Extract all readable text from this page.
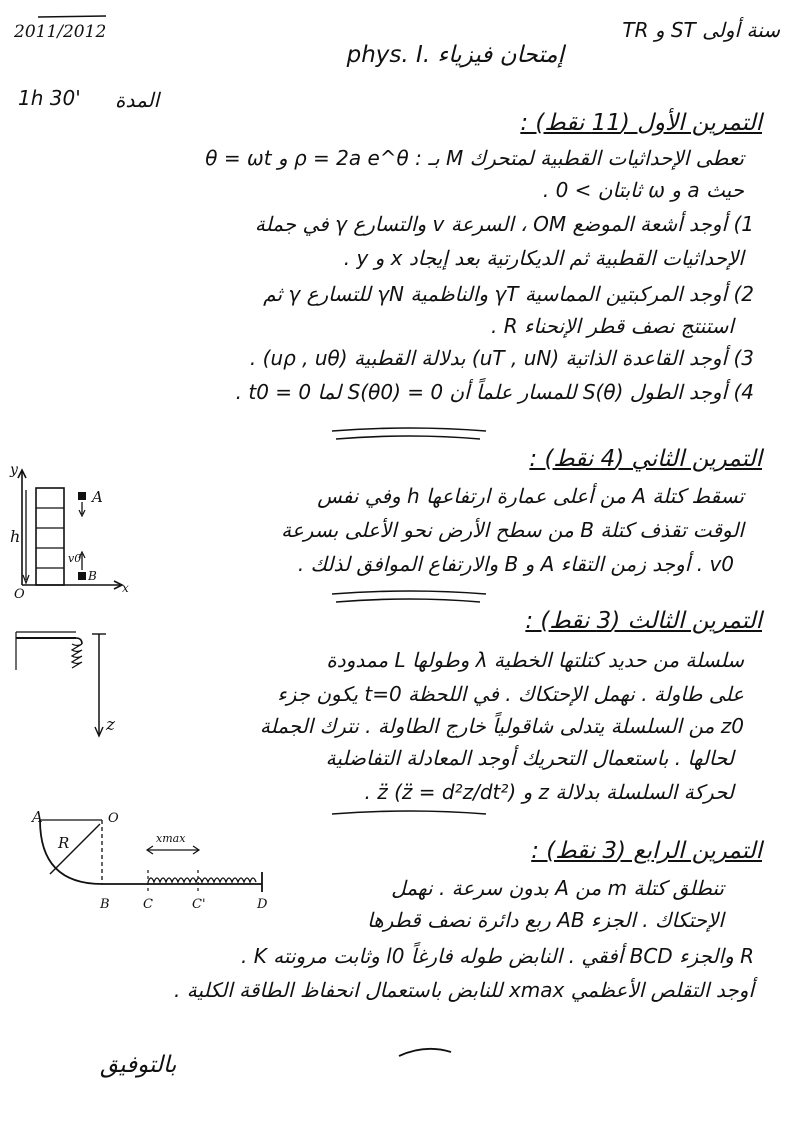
2011/2012	سنة أولى ST و TR
إمتحان فيزياء .phys. I
1h 30' المدة
التمرين الأول (11 نقط) :
تعطى الإحداثيات القطبية لمتحرك M بـ : ρ = 2a e^θ و θ = ωt
حيث a و ω ثابتان > 0 .
1) أوجد أشعة الموضع OM ، السرعة v والتسارع γ في جملة
الإحداثيات القطبية ثم الديكارتية بعد إيجاد x و y .
2) أوجد المركبتين المماسية γT والناظمية γN للتسارع γ ثم
استنتج نصف قطر الإنحناء R .
3) أوجد القاعدة الذاتية (uT , uN) بدلالة القطبية (uρ , uθ) .
4) أوجد الطول S(θ) للمسار علماً أن S(θ0) = 0 لما t0 = 0 .
التمرين الثاني (4 نقط) :
تسقط كتلة A من أعلى عمارة ارتفاعها h وفي نفس
الوقت تقذف كتلة B من سطح الأرض نحو الأعلى بسرعة
v0 . أوجد زمن التقاء A و B والارتفاع الموافق لذلك .
y
h
A
B
v0
O	x
التمرين الثالث (3 نقط) :
سلسلة من حديد كتلتها الخطية λ وطولها L ممدودة
على طاولة . نهمل الإحتكاك . في اللحظة t=0 يكون جزء
z0 من السلسلة يتدلى شاقولياً خارج الطاولة . نترك الجملة
لحالها . باستعمال التحريك أوجد المعادلة التفاضلية
لحركة السلسلة بدلالة z و z̈ (z̈ = d²z/dt²) .
z
التمرين الرابع (3 نقط) :
تنطلق كتلة m من A بدون سرعة . نهمل
الإحتكاك . الجزء AB ربع دائرة نصف قطرها
R والجزء BCD أفقي . النابض طوله فارغاً l0 وثابت مرونته K .
أوجد التقلص الأعظمي xmax للنابض باستعمال انحفاظ الطاقة الكلية .
A	O
R
B	C	C'	D
xmax
بالتوفيق
